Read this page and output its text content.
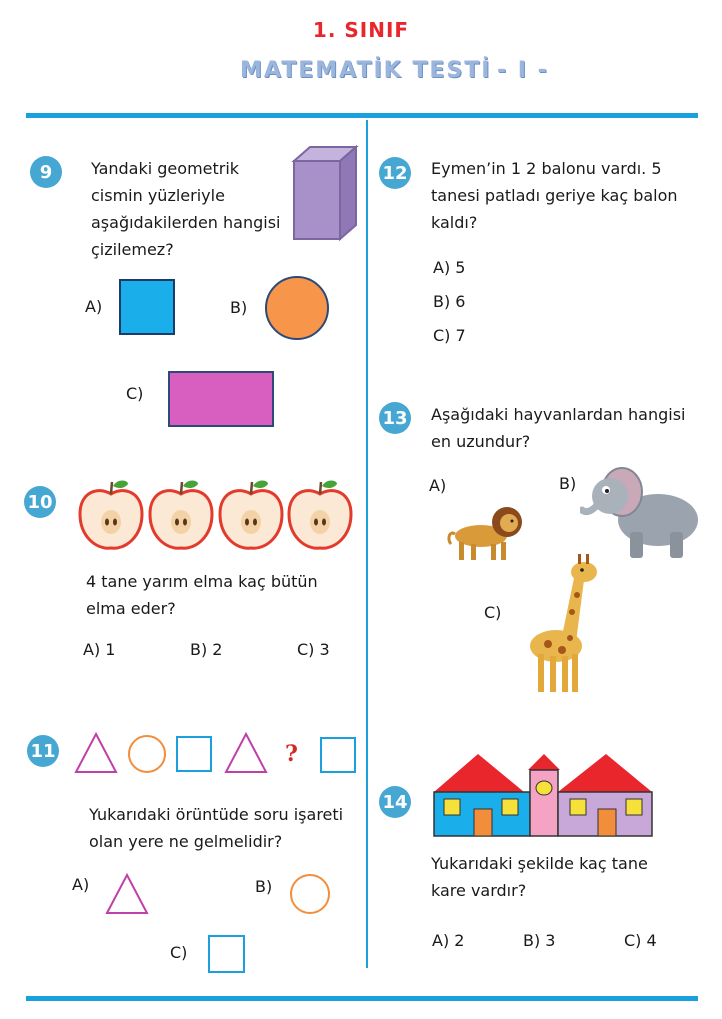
1. SINIF
MATEMATİK TESTİ - I -
9	Yandaki geometrik
cismin yüzleriyle
aşağıdakilerden hangisi
çizilemez?
A)	B)
C)
10
4 tane yarım elma kaç bütün
elma eder?
A) 1	B) 2	C) 3
11	?
Yukarıdaki örüntüde soru işareti
olan yere ne gelmelidir?
A)	B)
C)
12 Eymen’in 1 2 balonu vardı. 5
tanesi patladı geriye kaç balon
kaldı?
A) 5
B) 6
C) 7
13 Aşağıdaki hayvanlardan hangisi
en uzundur?
A)	B)
C)
14
Yukarıdaki şekilde kaç tane
kare vardır?
A) 2	B) 3	C) 4
